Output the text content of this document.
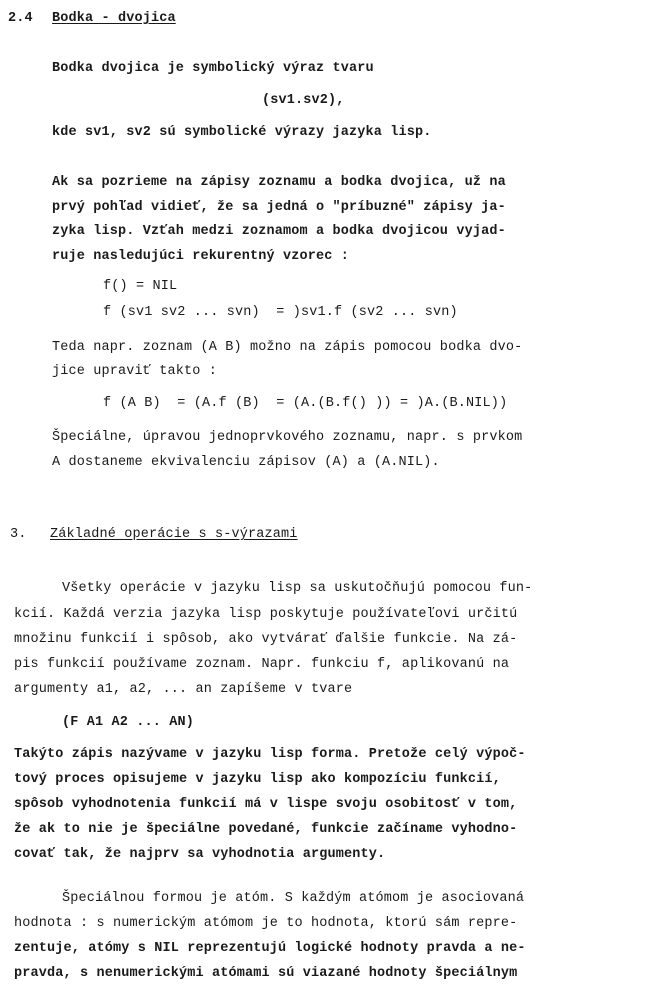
2.4 Bodka - dvojica
Bodka dvojica je symbolický výraz tvaru
(sv1.sv2),
kde sv1, sv2 sú symbolické výrazy jazyka lisp.
Ak sa pozrieme na zápisy zoznamu a bodka dvojica, už na
prvý pohľad vidieť, že sa jedná o "príbuzné" zápisy ja-
zyka lisp. Vzťah medzi zoznamom a bodka dvojicou vyjad-
ruje nasledujúci rekurentný vzorec :
f() = NIL
f (sv1 sv2 ... svn)  = )sv1.f (sv2 ... svn)
Teda napr. zoznam (A B) možno na zápis pomocou bodka dvo-
jice upraviť takto :
f (A B)  = (A.f (B)  = (A.(B.f() )) = )A.(B.NIL))
Špeciálne, úpravou jednoprvkového zoznamu, napr. s prvkom
A dostaneme ekvivalenciu zápisov (A) a (A.NIL).
3. Základné operácie s s-výrazami
Všetky operácie v jazyku lisp sa uskutočňujú pomocou fun-
kcií. Každá verzia jazyka lisp poskytuje používateľovi určitú
množinu funkcií i spôsob, ako vytvárať ďalšie funkcie. Na zá-
pis funkcií používame zoznam. Napr. funkciu f, aplikovanú na
argumenty a1, a2, ... an zapíšeme v tvare
(F A1 A2 ... AN)
Takýto zápis nazývame v jazyku lisp forma. Pretože celý výpoč-
tový proces opisujeme v jazyku lisp ako kompozíciu funkcií,
spôsob vyhodnotenia funkcií má v lispe svoju osobitosť v tom,
že ak to nie je špeciálne povedané, funkcie začíname vyhodno-
covať tak, že najprv sa vyhodnotia argumenty.
Špeciálnou formou je atóm. S každým atómom je asociovaná
hodnota : s numerickým atómom je to hodnota, ktorú sám repre-
zentuje, atómy s NIL reprezentujú logické hodnoty pravda a ne-
pravda, s nenumerickými atómami sú viazané hodnoty špeciálnym
